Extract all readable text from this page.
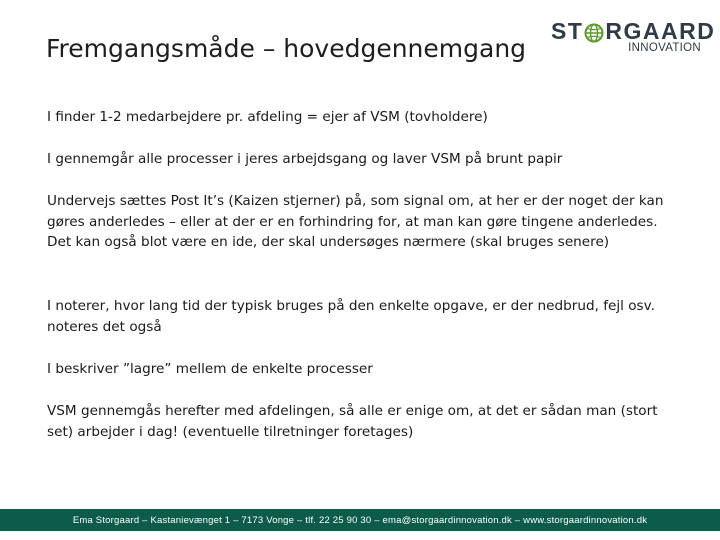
Fremgangsmåde – hovedgennemgang
ST RGAARD
INNOVATION

I finder 1-2 medarbejdere pr. afdeling = ejer af VSM (tovholdere)

I gennemgår alle processer i jeres arbejdsgang og laver VSM på brunt papir

Undervejs sættes Post It’s (Kaizen stjerner) på, som signal om, at her er der noget der kan gøres anderledes – eller at der er en forhindring for, at man kan gøre tingene anderledes. Det kan også blot være en ide, der skal undersøges nærmere (skal bruges senere)

I noterer, hvor lang tid der typisk bruges på den enkelte opgave, er der nedbrud, fejl osv. noteres det også

I beskriver ”lagre” mellem de enkelte processer

VSM gennemgås herefter med afdelingen, så alle er enige om, at det er sådan man (stort set) arbejder i dag! (eventuelle tilretninger foretages)

Ema Storgaard – Kastanievænget 1 – 7173 Vonge – tlf. 22 25 90 30 – ema@storgaardinnovation.dk – www.storgaardinnovation.dk
